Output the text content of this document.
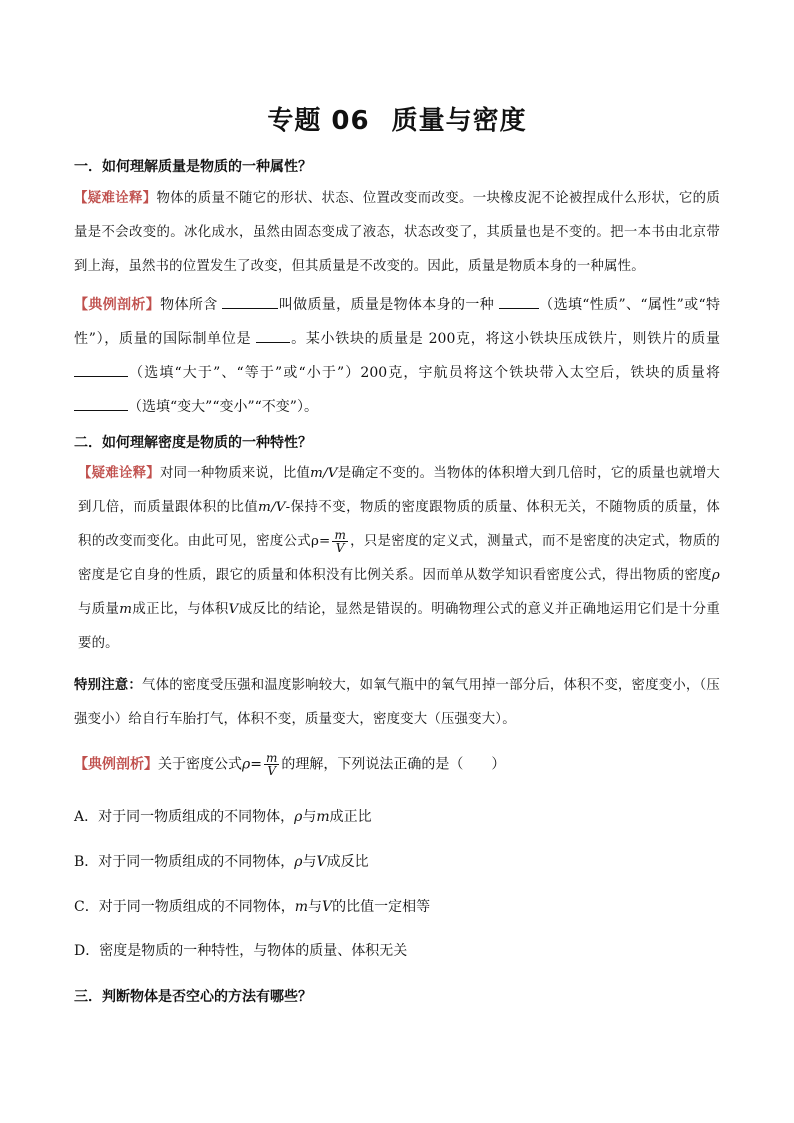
专题 06 质量与密度
一．如何理解质量是物质的一种属性？
【疑难诠释】物体的质量不随它的形状、状态、位置改变而改变。一块橡皮泥不论被捏成什么形状，它的质量是不会改变的。冰化成水，虽然由固态变成了液态，状态改变了，其质量也是不变的。把一本书由北京带到上海，虽然书的位置发生了改变，但其质量是不改变的。因此，质量是物质本身的一种属性。
【典例剖析】物体所含	叫做质量，质量是物体本身的一种	（选填“性质”、“属性”或“特性”），质量的国际制单位是 。某小铁块的质量是 200克，将这小铁块压成铁片，则铁片的质量 （选填“大于”、“等于”或“小于”）200克，宇航员将这个铁块带入太空后，铁块的质量将 （选填“变大”“变小”“不变”）。
二．如何理解密度是物质的一种特性？
【疑难诠释】对同一种物质来说，比值m/V是确定不变的。当物体的体积增大到几倍时，它的质量也就增大到几倍，而质量跟体积的比值m/V-保持不变，物质的密度跟物质的质量、体积无关，不随物质的质量，体积的改变而变化。由此可见，密度公式$\rho= \frac{m}{V}$ ，只是密度的定义式，测量式，而不是密度的决定式，物质的密度是它自身的性质，跟它的质量和体积没有比例关系。因而单从数学知识看密度公式，得出物质的密度ρ与质量m成正比，与体积V成反比的结论，显然是错误的。明确物理公式的意义并正确地运用它们是十分重要的。
特别注意：气体的密度受压强和温度影响较大，如氧气瓶中的氧气用掉一部分后，体积不变，密度变小，（压强变小）给自行车胎打气，体积不变，质量变大，密度变大（压强变大）。
【典例剖析】关于密度公式$\rho= \frac{m}{V}$ 的理解，下列说法正确的是（　　）
A．对于同一物质组成的不同物体，ρ与m成正比
B．对于同一物质组成的不同物体，ρ与V成反比
C．对于同一物质组成的不同物体，m与V的比值一定相等
D．密度是物质的一种特性，与物体的质量、体积无关
三．判断物体是否空心的方法有哪些？
